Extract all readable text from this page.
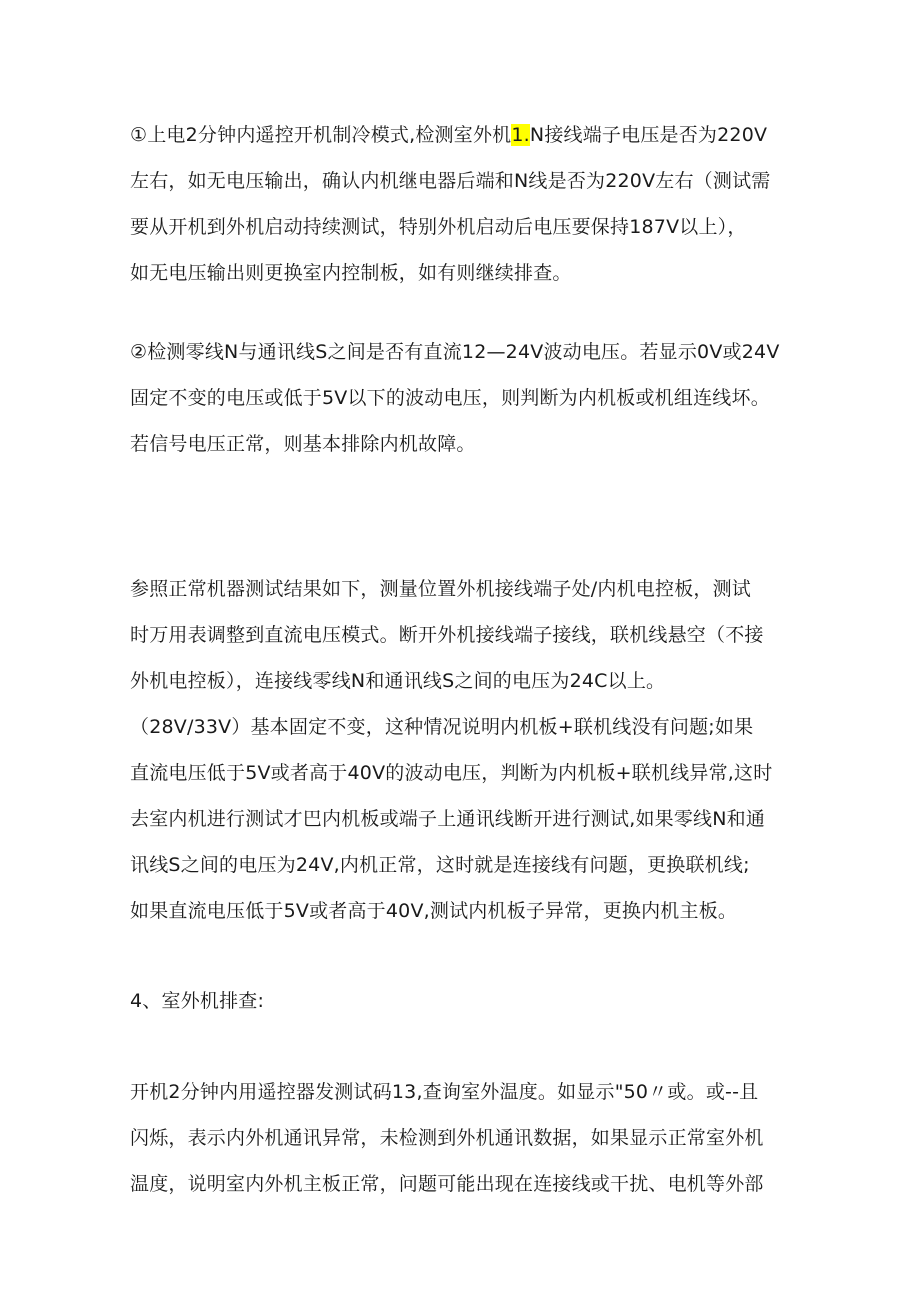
①上电2分钟内遥控开机制冷模式,检测室外机1.N接线端子电压是否为220V
左右，如无电压输出，确认内机继电器后端和N线是否为220V左右（测试需
要从开机到外机启动持续测试，特别外机启动后电压要保持187V以上），
如无电压输出则更换室内控制板，如有则继续排查。
②检测零线N与通讯线S之间是否有直流12—24V波动电压。若显示0V或24V
固定不变的电压或低于5V以下的波动电压，则判断为内机板或机组连线坏。
若信号电压正常，则基本排除内机故障。
参照正常机器测试结果如下，测量位置外机接线端子处/内机电控板，测试
时万用表调整到直流电压模式。断开外机接线端子接线，联机线悬空（不接
外机电控板），连接线零线N和通讯线S之间的电压为24C以上。
（28V/33V）基本固定不变，这种情况说明内机板+联机线没有问题;如果
直流电压低于5V或者高于40V的波动电压，判断为内机板+联机线异常,这时
去室内机进行测试才巴内机板或端子上通讯线断开进行测试,如果零线N和通
讯线S之间的电压为24V,内机正常，这时就是连接线有问题，更换联机线;
如果直流电压低于5V或者高于40V,测试内机板子异常，更换内机主板。
4、室外机排查:
开机2分钟内用遥控器发测试码13,查询室外温度。如显示"50〃或。或--且
闪烁，表示内外机通讯异常，未检测到外机通讯数据，如果显示正常室外机
温度，说明室内外机主板正常，问题可能出现在连接线或干扰、电机等外部
